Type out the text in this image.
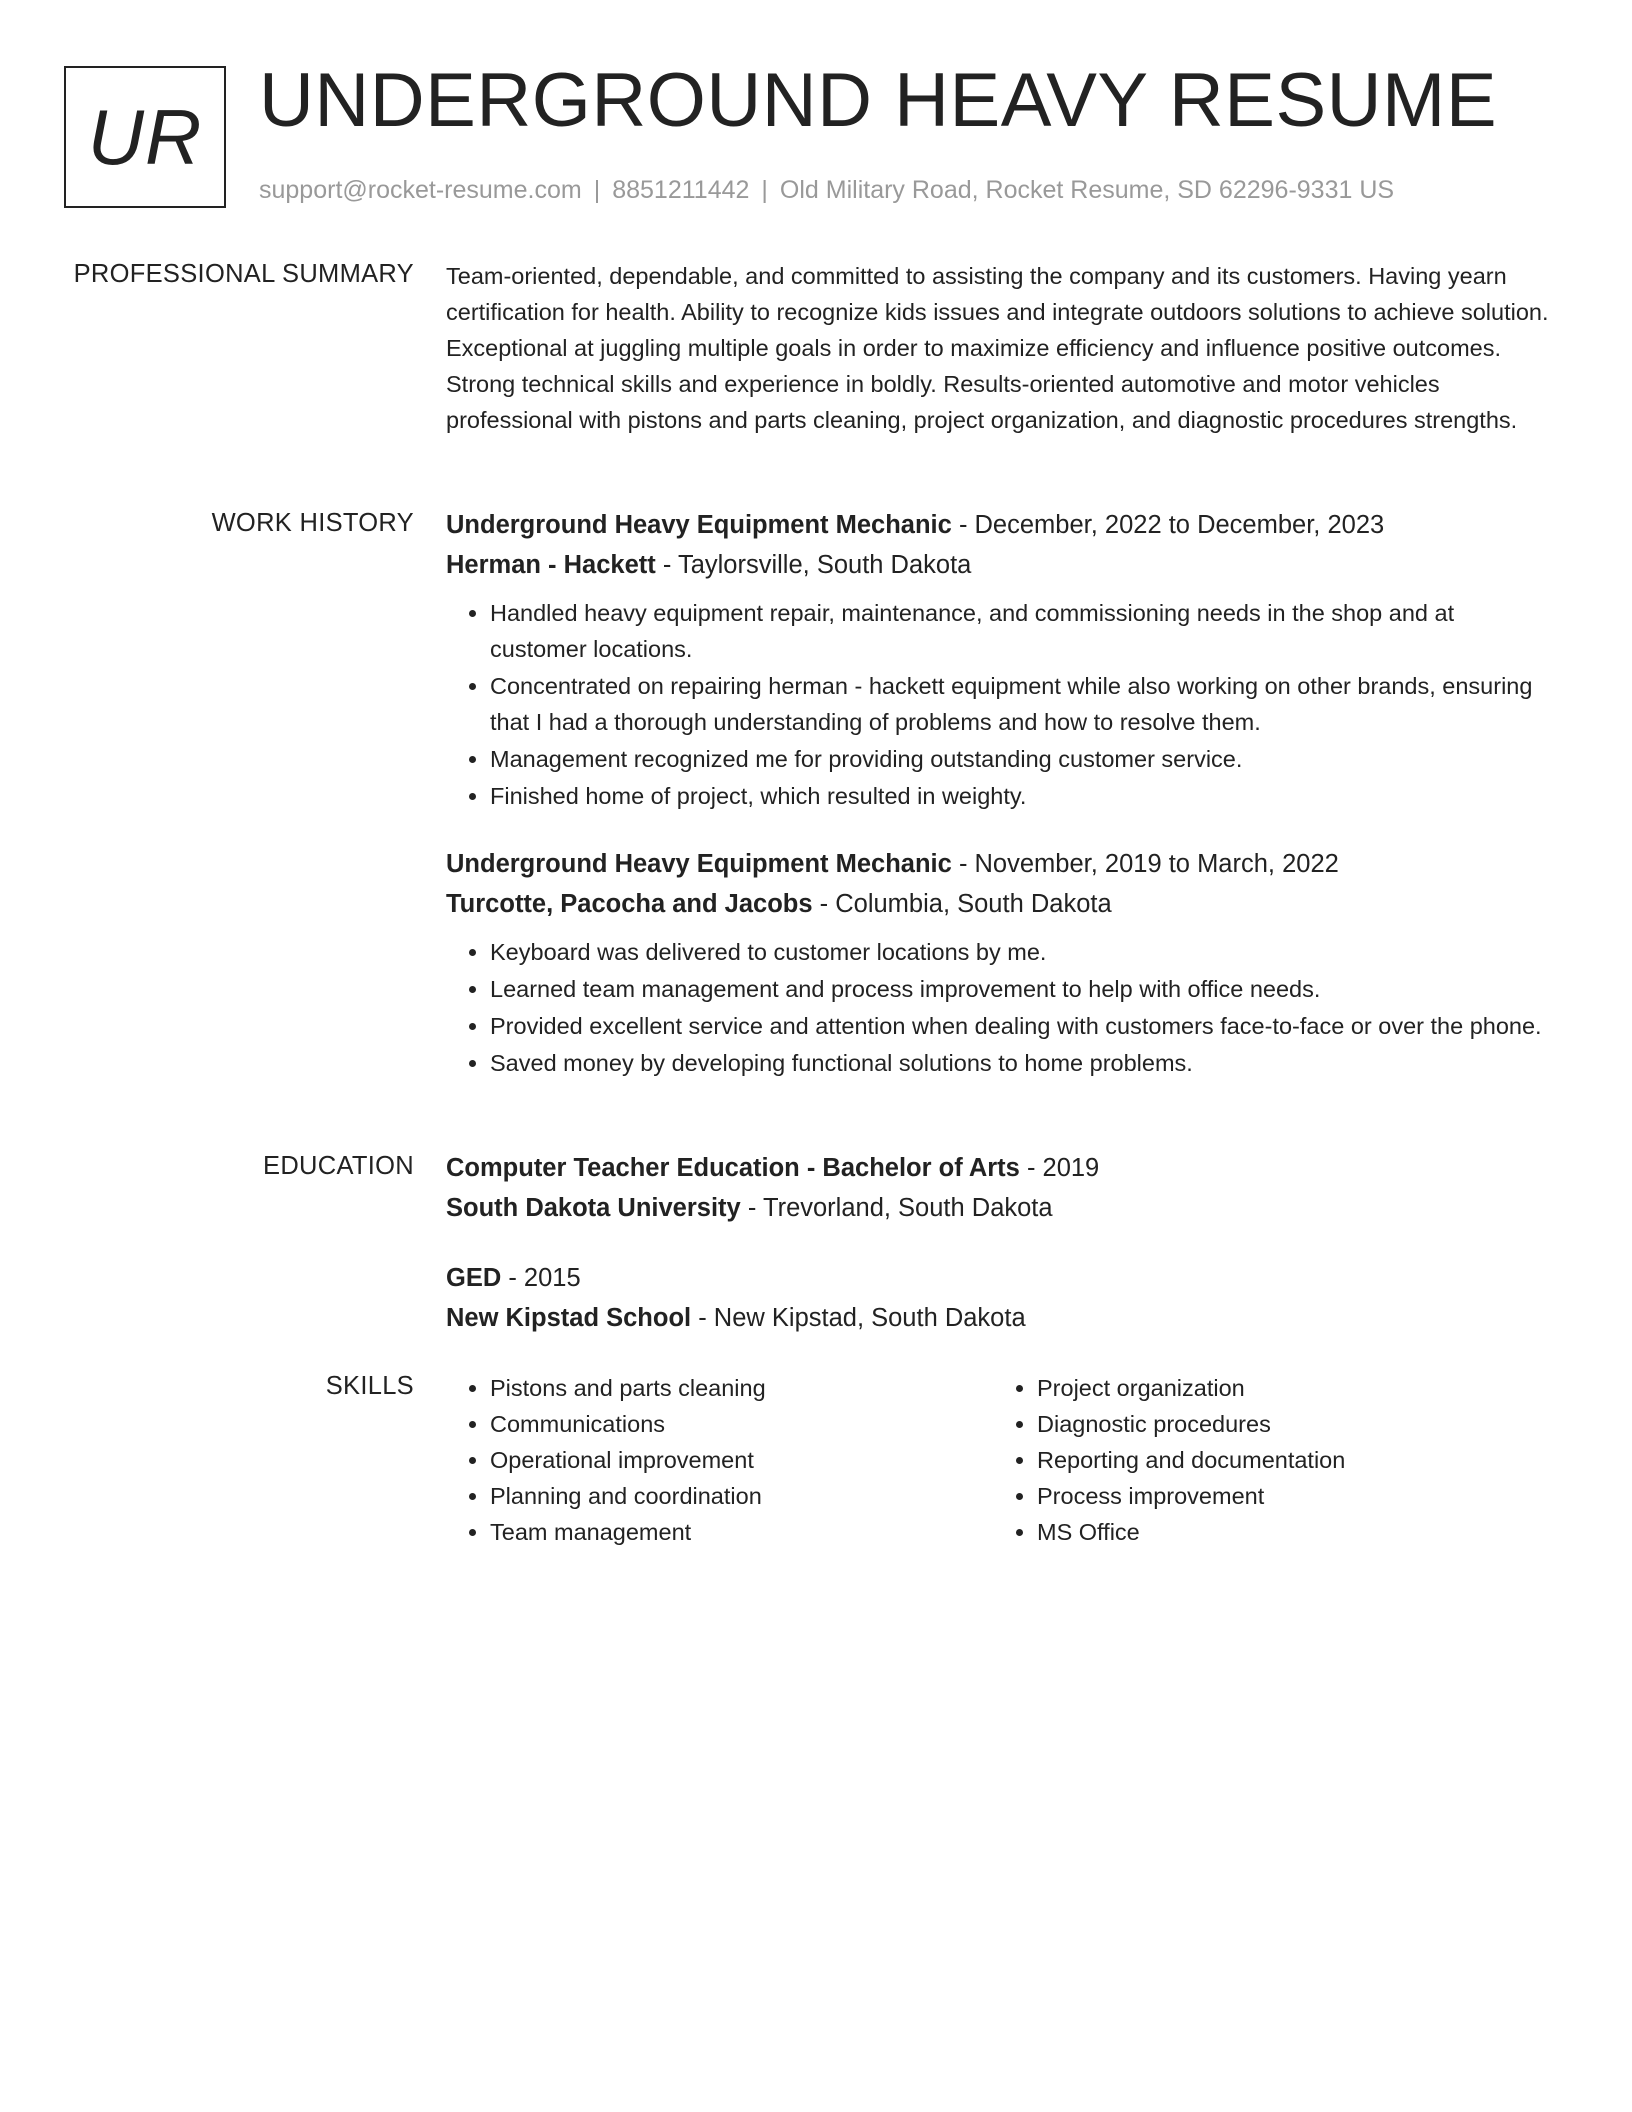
UR UNDERGROUND HEAVY RESUME
support@rocket-resume.com | 8851211442 | Old Military Road, Rocket Resume, SD 62296-9331 US
PROFESSIONAL SUMMARY Team-oriented, dependable, and committed to assisting the company and its customers. Having yearn certification for health. Ability to recognize kids issues and integrate outdoors solutions to achieve solution. Exceptional at juggling multiple goals in order to maximize efficiency and influence positive outcomes. Strong technical skills and experience in boldly. Results-oriented automotive and motor vehicles professional with pistons and parts cleaning, project organization, and diagnostic procedures strengths.

WORK HISTORY Underground Heavy Equipment Mechanic - December, 2022 to December, 2023
Herman - Hackett - Taylorsville, South Dakota
• Handled heavy equipment repair, maintenance, and commissioning needs in the shop and at customer locations.
• Concentrated on repairing herman - hackett equipment while also working on other brands, ensuring that I had a thorough understanding of problems and how to resolve them.
• Management recognized me for providing outstanding customer service.
• Finished home of project, which resulted in weighty.
Underground Heavy Equipment Mechanic - November, 2019 to March, 2022
Turcotte, Pacocha and Jacobs - Columbia, South Dakota
• Keyboard was delivered to customer locations by me.
• Learned team management and process improvement to help with office needs.
• Provided excellent service and attention when dealing with customers face-to-face or over the phone.
• Saved money by developing functional solutions to home problems.
EDUCATION Computer Teacher Education - Bachelor of Arts - 2019
South Dakota University - Trevorland, South Dakota
GED - 2015
New Kipstad School - New Kipstad, South Dakota
SKILLS
•	Pistons and parts cleaning
• Communications
• Operational improvement
• Planning and coordination
• Team management
• Project organization
• Diagnostic procedures
• Reporting and documentation
• Process improvement
• MS Office
